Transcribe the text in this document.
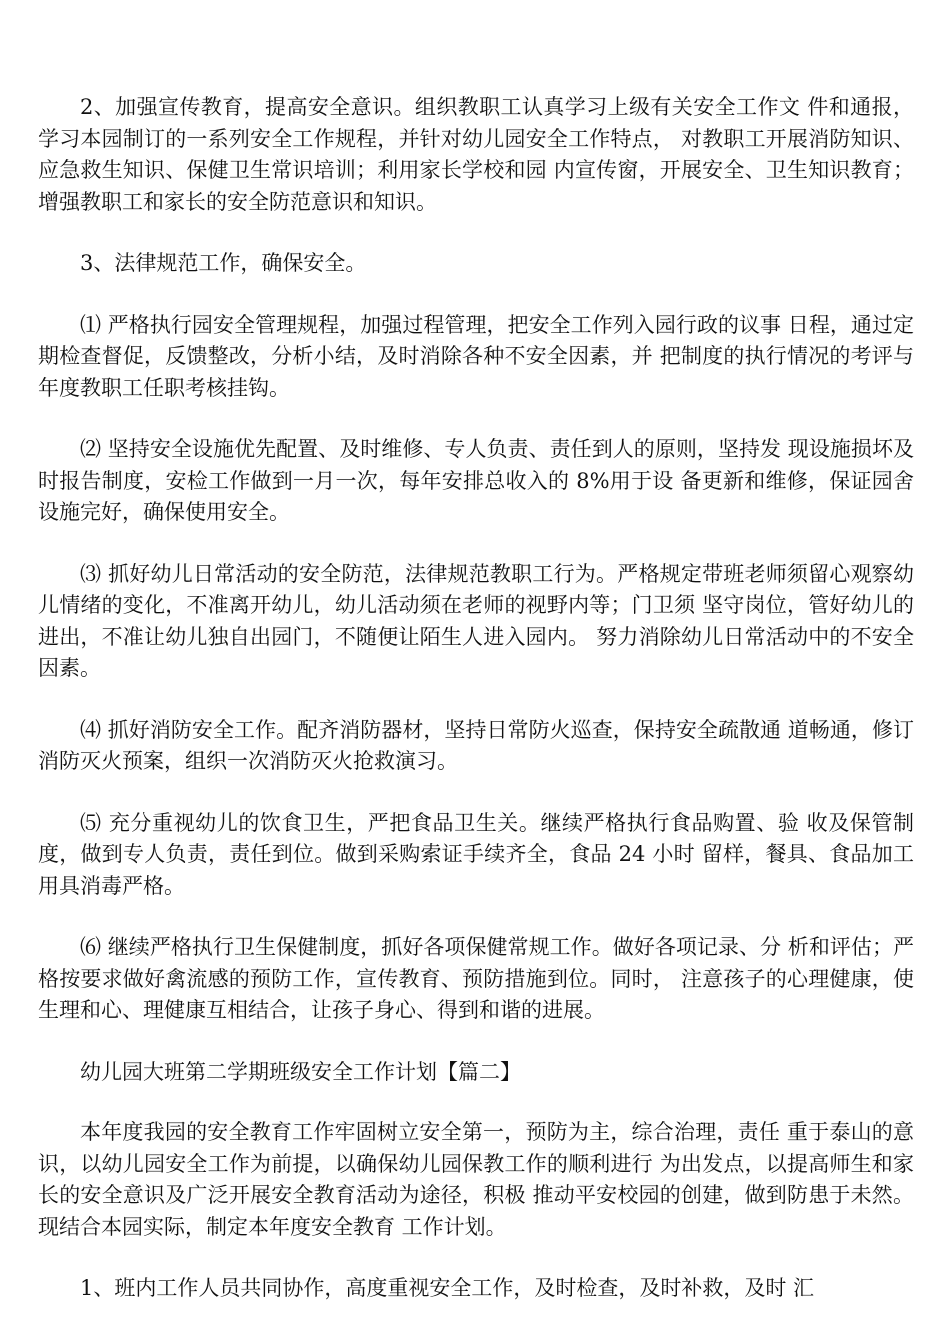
2、加强宣传教育，提高安全意识。组织教职工认真学习上级有关安全工作文 件和通报，学习本园制订的一系列安全工作规程，并针对幼儿园安全工作特点， 对教职工开展消防知识、应急救生知识、保健卫生常识培训；利用家长学校和园 内宣传窗，开展安全、卫生知识教育；增强教职工和家长的安全防范意识和知识。

3、法律规范工作，确保安全。

⑴ 严格执行园安全管理规程，加强过程管理，把安全工作列入园行政的议事 日程，通过定期检查督促，反馈整改，分析小结，及时消除各种不安全因素，并 把制度的执行情况的考评与年度教职工任职考核挂钩。

⑵ 坚持安全设施优先配置、及时维修、专人负责、责任到人的原则，坚持发 现设施损坏及时报告制度，安检工作做到一月一次，每年安排总收入的 8%用于设 备更新和维修，保证园舍设施完好，确保使用安全。

⑶ 抓好幼儿日常活动的安全防范，法律规范教职工行为。严格规定带班老师须留心观察幼儿情绪的变化，不准离开幼儿，幼儿活动须在老师的视野内等；门卫须 坚守岗位，管好幼儿的进出，不准让幼儿独自出园门，不随便让陌生人进入园内。 努力消除幼儿日常活动中的不安全因素。

⑷ 抓好消防安全工作。配齐消防器材，坚持日常防火巡查，保持安全疏散通 道畅通，修订消防灭火预案，组织一次消防灭火抢救演习。

⑸ 充分重视幼儿的饮食卫生，严把食品卫生关。继续严格执行食品购置、验 收及保管制度，做到专人负责，责任到位。做到采购索证手续齐全，食品 24 小时 留样，餐具、食品加工用具消毒严格。

⑹ 继续严格执行卫生保健制度，抓好各项保健常规工作。做好各项记录、分 析和评估；严格按要求做好禽流感的预防工作，宣传教育、预防措施到位。同时， 注意孩子的心理健康，使生理和心、理健康互相结合，让孩子身心、得到和谐的进展。

幼儿园大班第二学期班级安全工作计划【篇二】

本年度我园的安全教育工作牢固树立安全第一，预防为主，综合治理，责任 重于泰山的意识，以幼儿园安全工作为前提，以确保幼儿园保教工作的顺利进行 为出发点，以提高师生和家长的安全意识及广泛开展安全教育活动为途径，积极 推动平安校园的创建，做到防患于未然。现结合本园实际，制定本年度安全教育 工作计划。

1、班内工作人员共同协作，高度重视安全工作，及时检查，及时补救，及时 汇
